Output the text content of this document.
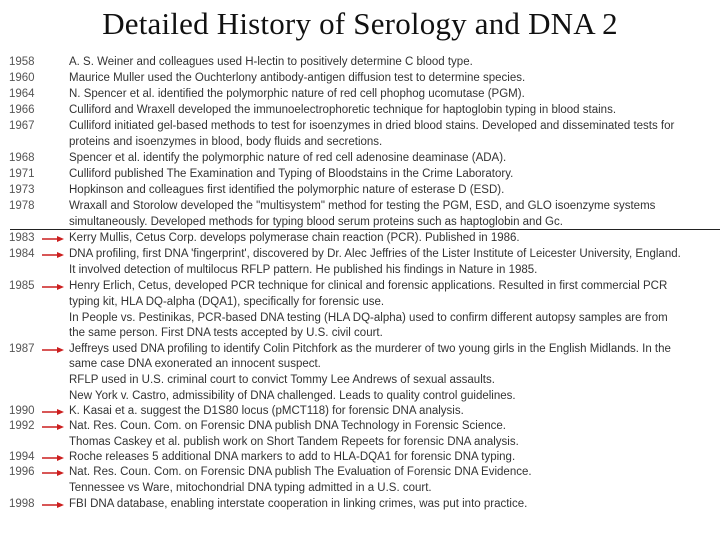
Detailed History of Serology and DNA 2
1958
1960
1964
1966
1967
1968
1971
1973
1978
1983
1984
1985
1987
1990
1992
1994
1996
1998
A. S. Weiner and colleagues used H-lectin to positively determine C blood type.
Maurice Muller used the Ouchterlony antibody-antigen diffusion test to determine species.
N. Spencer et al. identified the polymorphic nature of red cell phophog ucomutase (PGM).
Culliford and Wraxell developed the immunoelectrophoretic technique for haptoglobin typing in blood stains.
Culliford initiated gel-based methods to test for isoenzymes in dried blood stains. Developed and disseminated tests for
proteins and isoenzymes in blood, body fluids and secretions.
Spencer et al. identify the polymorphic nature of red cell adenosine deaminase (ADA).
Culliford published The Examination and Typing of Bloodstains in the Crime Laboratory.
Hopkinson and colleagues first identified the polymorphic nature of esterase D (ESD).
Wraxall and Storolow developed the "multisystem" method for testing the PGM, ESD, and GLO isoenzyme systems
simultaneously. Developed methods for typing blood serum proteins such as haptoglobin and Gc.
Kerry Mullis, Cetus Corp. develops polymerase chain reaction (PCR). Published in 1986.
DNA profiling, first DNA 'fingerprint', discovered by Dr. Alec Jeffries of the Lister Institute of Leicester University, England.
It involved detection of multilocus RFLP pattern. He published his findings in Nature in 1985.
Henry Erlich, Cetus, developed PCR technique for clinical and forensic applications. Resulted in first commercial PCR
typing kit, HLA DQ-alpha (DQA1), specifically for forensic use.
In People vs. Pestinikas, PCR-based DNA testing (HLA DQ-alpha) used to confirm different autopsy samples are from
the same person. First DNA tests accepted by U.S. civil court.
Jeffreys used DNA profiling to identify Colin Pitchfork as the murderer of two young girls in the English Midlands. In the
same case DNA exonerated an innocent suspect.
RFLP used in U.S. criminal court to convict Tommy Lee Andrews of sexual assaults.
New York v. Castro, admissibility of DNA challenged. Leads to quality control guidelines.
K. Kasai et a. suggest the D1S80 locus (pMCT118) for forensic DNA analysis.
Nat. Res. Coun. Com. on Forensic DNA publish DNA Technology in Forensic Science.
Thomas Caskey et al. publish work on Short Tandem Repeets for forensic DNA analysis.
Roche releases 5 additional DNA markers to add to HLA-DQA1 for forensic DNA typing.
Nat. Res. Coun. Com. on Forensic DNA publish The Evaluation of Forensic DNA Evidence.
Tennessee vs Ware, mitochondrial DNA typing admitted in a U.S. court.
FBI DNA database, enabling interstate cooperation in linking crimes, was put into practice.
